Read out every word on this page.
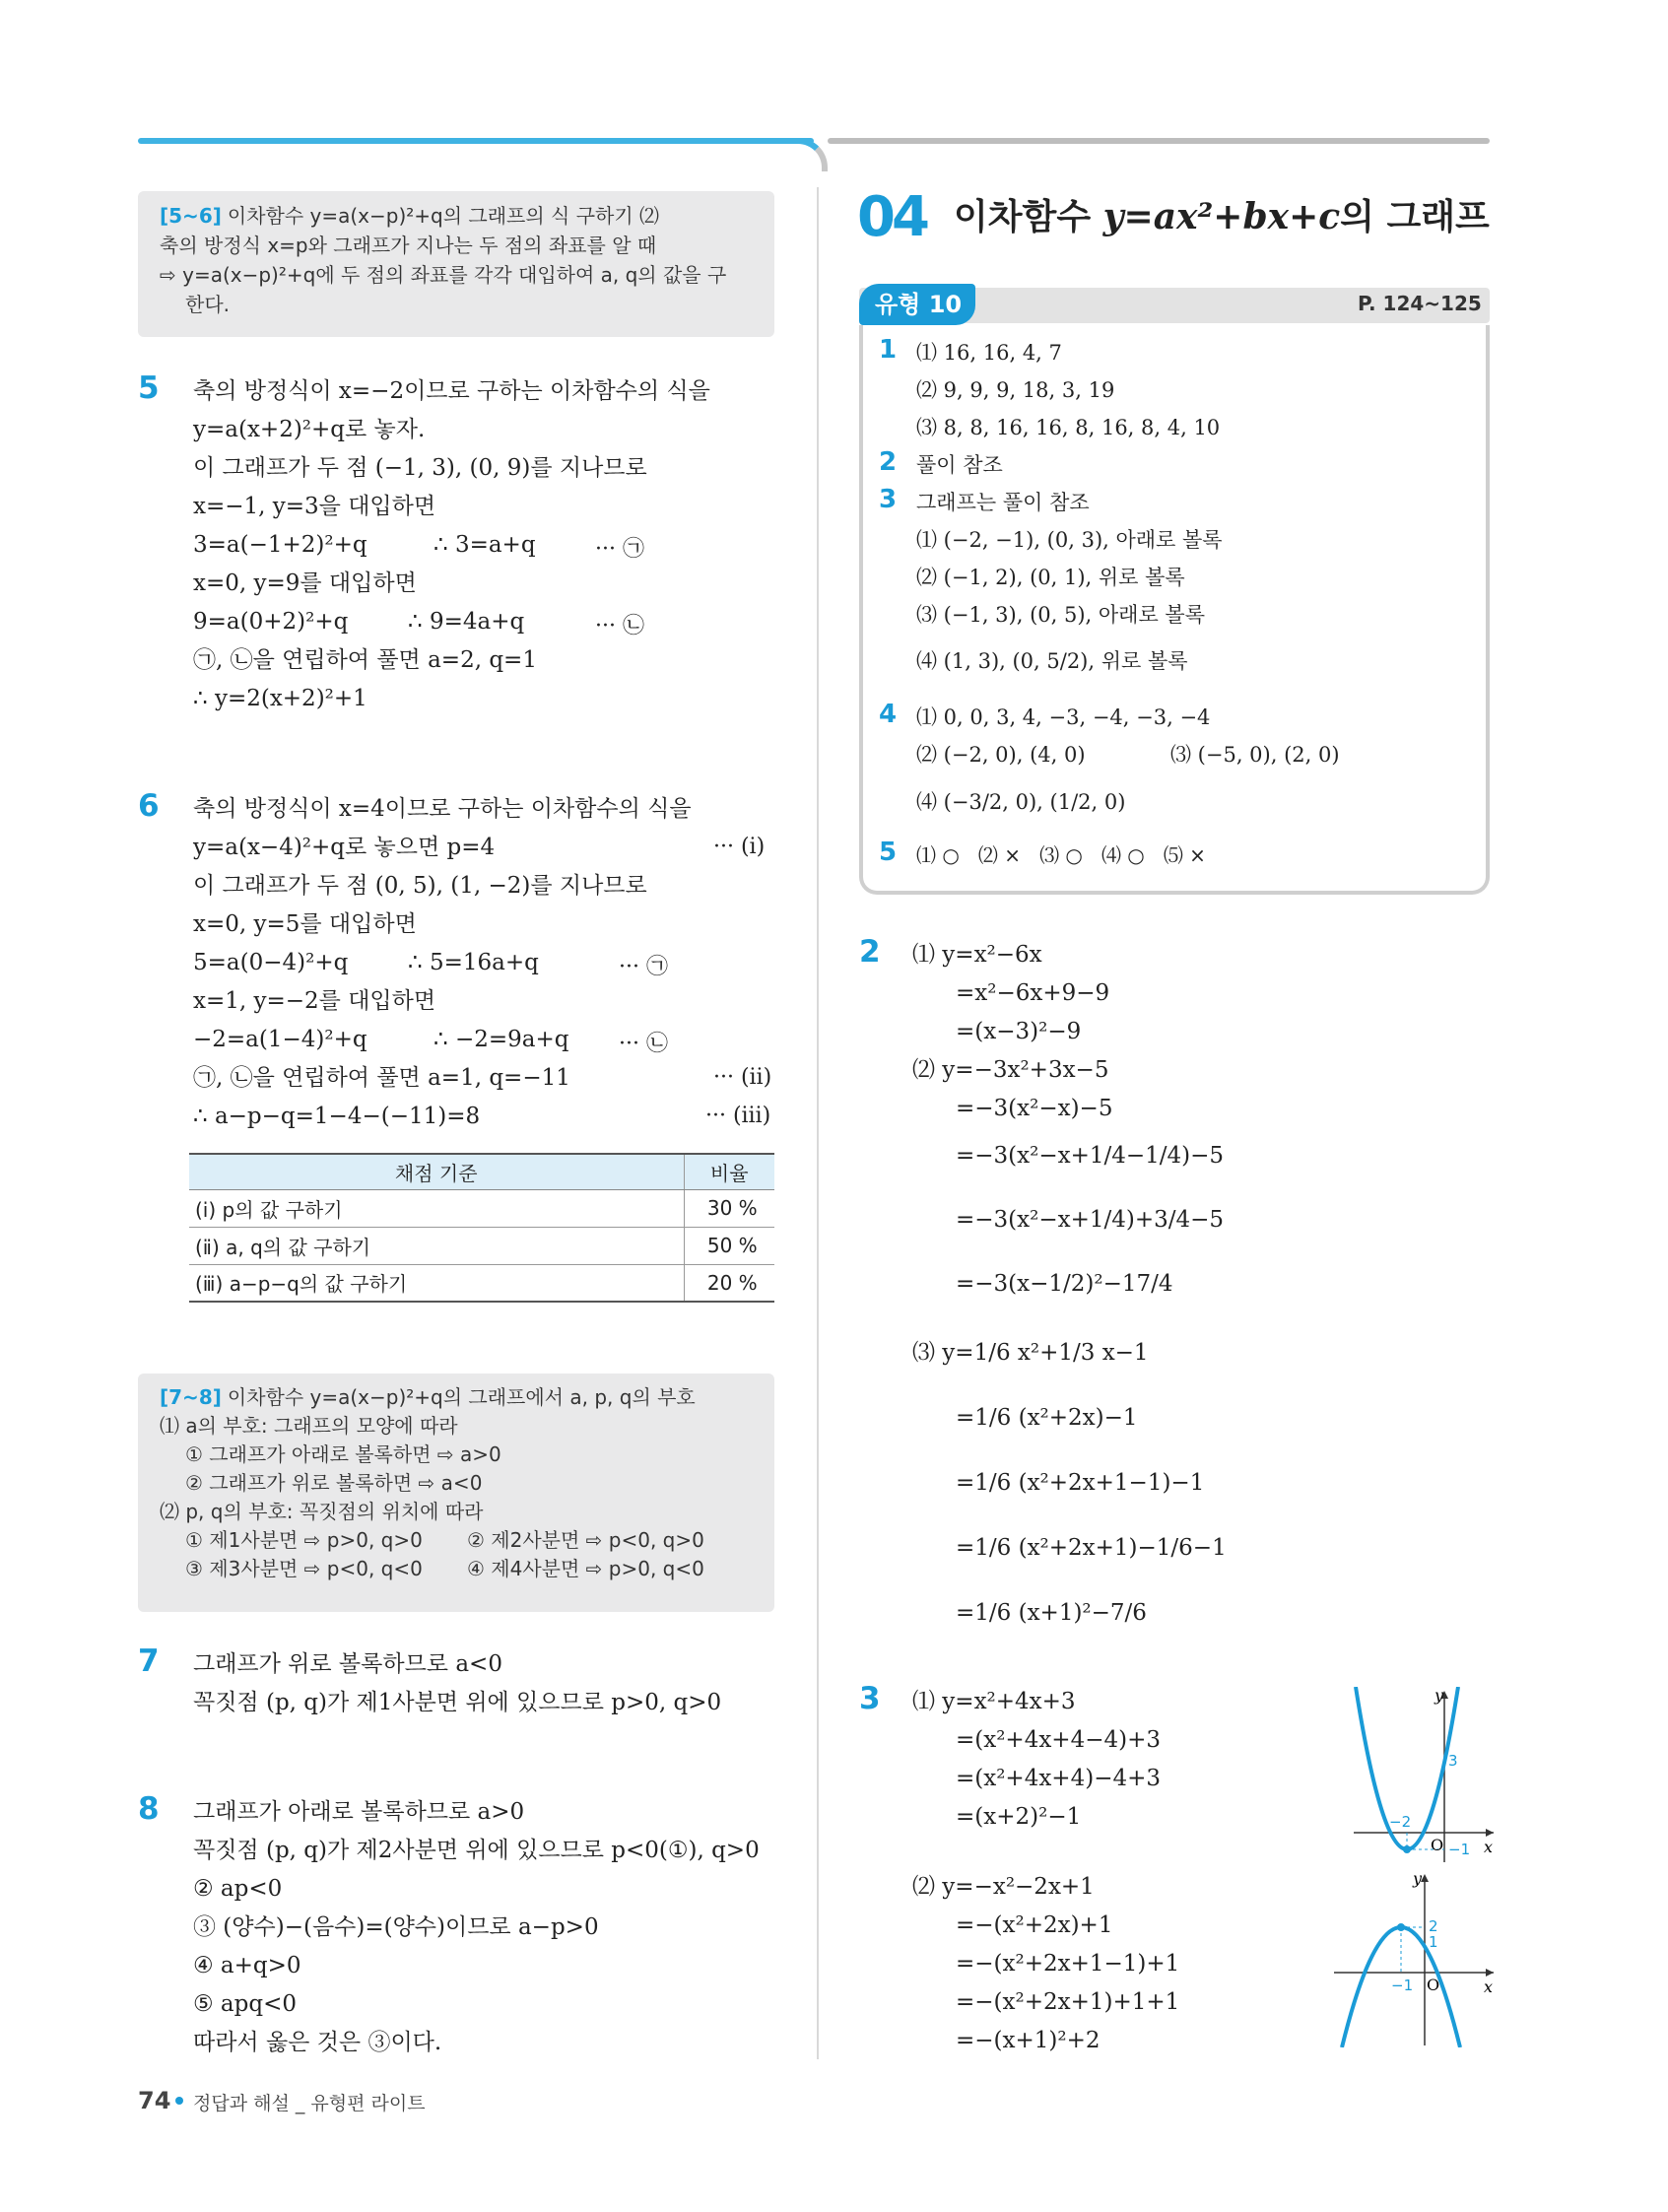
[5~6] 이차함수 y=a(x−p)²+q의 그래프의 식 구하기 ⑵
축의 방정식 x=p와 그래프가 지나는 두 점의 좌표를 알 때
⇨ y=a(x−p)²+q에 두 점의 좌표를 각각 대입하여 a, q의 값을 구
한다.
5 축의 방정식이 x=−2이므로 구하는 이차함수의 식을
y=a(x+2)²+q로 놓자.
이 그래프가 두 점 (−1, 3), (0, 9)를 지나므로
x=−1, y=3을 대입하면
3=a(−1+2)²+q	∴ 3=a+q	··· ㉠
x=0, y=9를 대입하면
9=a(0+2)²+q	∴ 9=4a+q	··· ㉡
㉠, ㉡을 연립하여 풀면 a=2, q=1
∴ y=2(x+2)²+1
6 축의 방정식이 x=4이므로 구하는 이차함수의 식을
y=a(x−4)²+q로 놓으면 p=4	··· (ⅰ)
이 그래프가 두 점 (0, 5), (1, −2)를 지나므로
x=0, y=5를 대입하면
5=a(0−4)²+q	∴ 5=16a+q	··· ㉠
x=1, y=−2를 대입하면
−2=a(1−4)²+q	∴ −2=9a+q ··· ㉡
㉠, ㉡을 연립하여 풀면 a=1, q=−11	··· (ⅱ)
∴ a−p−q=1−4−(−11)=8	··· (ⅲ)
채점 기준	비율
(ⅰ) p의 값 구하기	30 %
(ⅱ) a, q의 값 구하기	50 %
(ⅲ) a−p−q의 값 구하기	20 %
[7~8] 이차함수 y=a(x−p)²+q의 그래프에서 a, p, q의 부호
⑴ a의 부호: 그래프의 모양에 따라
① 그래프가 아래로 볼록하면 ⇨ a>0
② 그래프가 위로 볼록하면 ⇨ a<0
⑵ p, q의 부호: 꼭짓점의 위치에 따라
① 제1사분면 ⇨ p>0, q>0 ② 제2사분면 ⇨ p<0, q>0
③ 제3사분면 ⇨ p<0, q<0 ④ 제4사분면 ⇨ p>0, q<0
7 그래프가 위로 볼록하므로 a<0
꼭짓점 (p, q)가 제1사분면 위에 있으므로 p>0, q>0
8 그래프가 아래로 볼록하므로 a>0
꼭짓점 (p, q)가 제2사분면 위에 있으므로 p<0(①), q>0
② ap<0
③ (양수)−(음수)=(양수)이므로 a−p>0
④ a+q>0
⑤ apq<0
따라서 옳은 것은 ③이다.
04 이차함수 y=ax²+bx+c의 그래프
유형 10	P. 124~125
1 ⑴ 16, 16, 4, 7
⑵ 9, 9, 9, 18, 3, 19
⑶ 8, 8, 16, 16, 8, 16, 8, 4, 10
2 풀이 참조
3 그래프는 풀이 참조
⑴ (−2, −1), (0, 3), 아래로 볼록
⑵ (−1, 2), (0, 1), 위로 볼록
⑶ (−1, 3), (0, 5), 아래로 볼록
⑷ (1, 3), (0, 5/2), 위로 볼록
4 ⑴ 0, 0, 3, 4, −3, −4, −3, −4
⑵ (−2, 0), (4, 0)	⑶ (−5, 0), (2, 0)
⑷ (−3/2, 0), (1/2, 0)
5 ⑴ ○   ⑵ ×   ⑶ ○   ⑷ ○   ⑸ ×
2 ⑴ y=x²−6x
=x²−6x+9−9
=(x−3)²−9
⑵ y=−3x²+3x−5
=−3(x²−x)−5
=−3(x²−x+1/4−1/4)−5
=−3(x²−x+1/4)+3/4−5
=−3(x−1/2)²−17/4
⑶ y=1/6 x²+1/3 x−1
=1/6 (x²+2x)−1
=1/6 (x²+2x+1−1)−1
=1/6 (x²+2x+1)−1/6−1
=1/6 (x+1)²−7/6
3 ⑴ y=x²+4x+3
=(x²+4x+4−4)+3
=(x²+4x+4)−4+3
=(x+2)²−1
⑵ y=−x²−2x+1
=−(x²+2x)+1
=−(x²+2x+1−1)+1
=−(x²+2x+1)+1+1
=−(x+1)²+2
y
x
O
3
−2
−1
y
x
O
2
1
−1
74 정답과 해설 _ 유형편 라이트
